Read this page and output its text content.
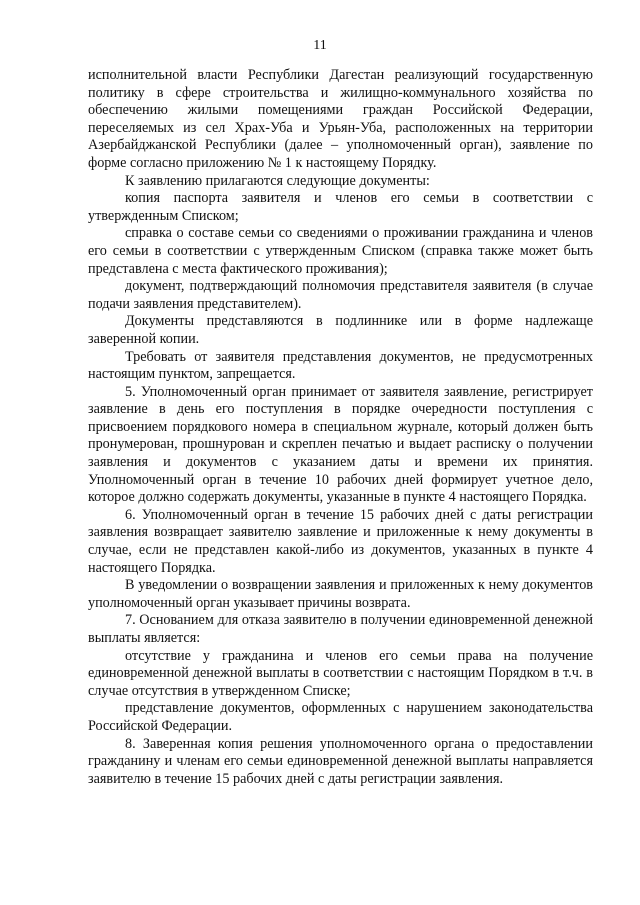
11

исполнительной власти Республики Дагестан реализующий государственную политику в сфере строительства и жилищно-коммунального хозяйства по обеспечению жилыми помещениями граждан Российской Федерации, переселяемых из сел Храх-Уба и Урьян-Уба, расположенных на территории Азербайджанской Республики (далее – уполномоченный орган), заявление по форме согласно приложению № 1 к настоящему Порядку.

К заявлению прилагаются следующие документы:

копия паспорта заявителя и членов его семьи в соответствии с утвержденным Списком;

справка о составе семьи со сведениями о проживании гражданина и членов его семьи в соответствии с утвержденным Списком (справка также может быть представлена с места фактического проживания);

документ, подтверждающий полномочия представителя заявителя (в случае подачи заявления представителем).

Документы представляются в подлиннике или в форме надлежаще заверенной копии.

Требовать от заявителя представления документов, не предусмотренных настоящим пунктом, запрещается.

5. Уполномоченный орган принимает от заявителя заявление, регистрирует заявление в день его поступления в порядке очередности поступления с присвоением порядкового номера в специальном журнале, который должен быть пронумерован, прошнурован и скреплен печатью и выдает расписку о получении заявления и документов с указанием даты и времени их принятия. Уполномоченный орган в течение 10 рабочих дней формирует учетное дело, которое должно содержать документы, указанные в пункте 4 настоящего Порядка.

6. Уполномоченный орган в течение 15 рабочих дней с даты регистрации заявления возвращает заявителю заявление и приложенные к нему документы в случае, если не представлен какой-либо из документов, указанных в пункте 4 настоящего Порядка.

В уведомлении о возвращении заявления и приложенных к нему документов уполномоченный орган указывает причины возврата.

7. Основанием для отказа заявителю в получении единовременной денежной выплаты является:

отсутствие у гражданина и членов его семьи права на получение единовременной денежной выплаты в соответствии с настоящим Порядком в т.ч. в случае отсутствия в утвержденном Списке;

представление документов, оформленных с нарушением законодательства Российской Федерации.

8. Заверенная копия решения уполномоченного органа о предоставлении гражданину и членам его семьи единовременной денежной выплаты направляется заявителю в течение 15 рабочих дней с даты регистрации заявления.
